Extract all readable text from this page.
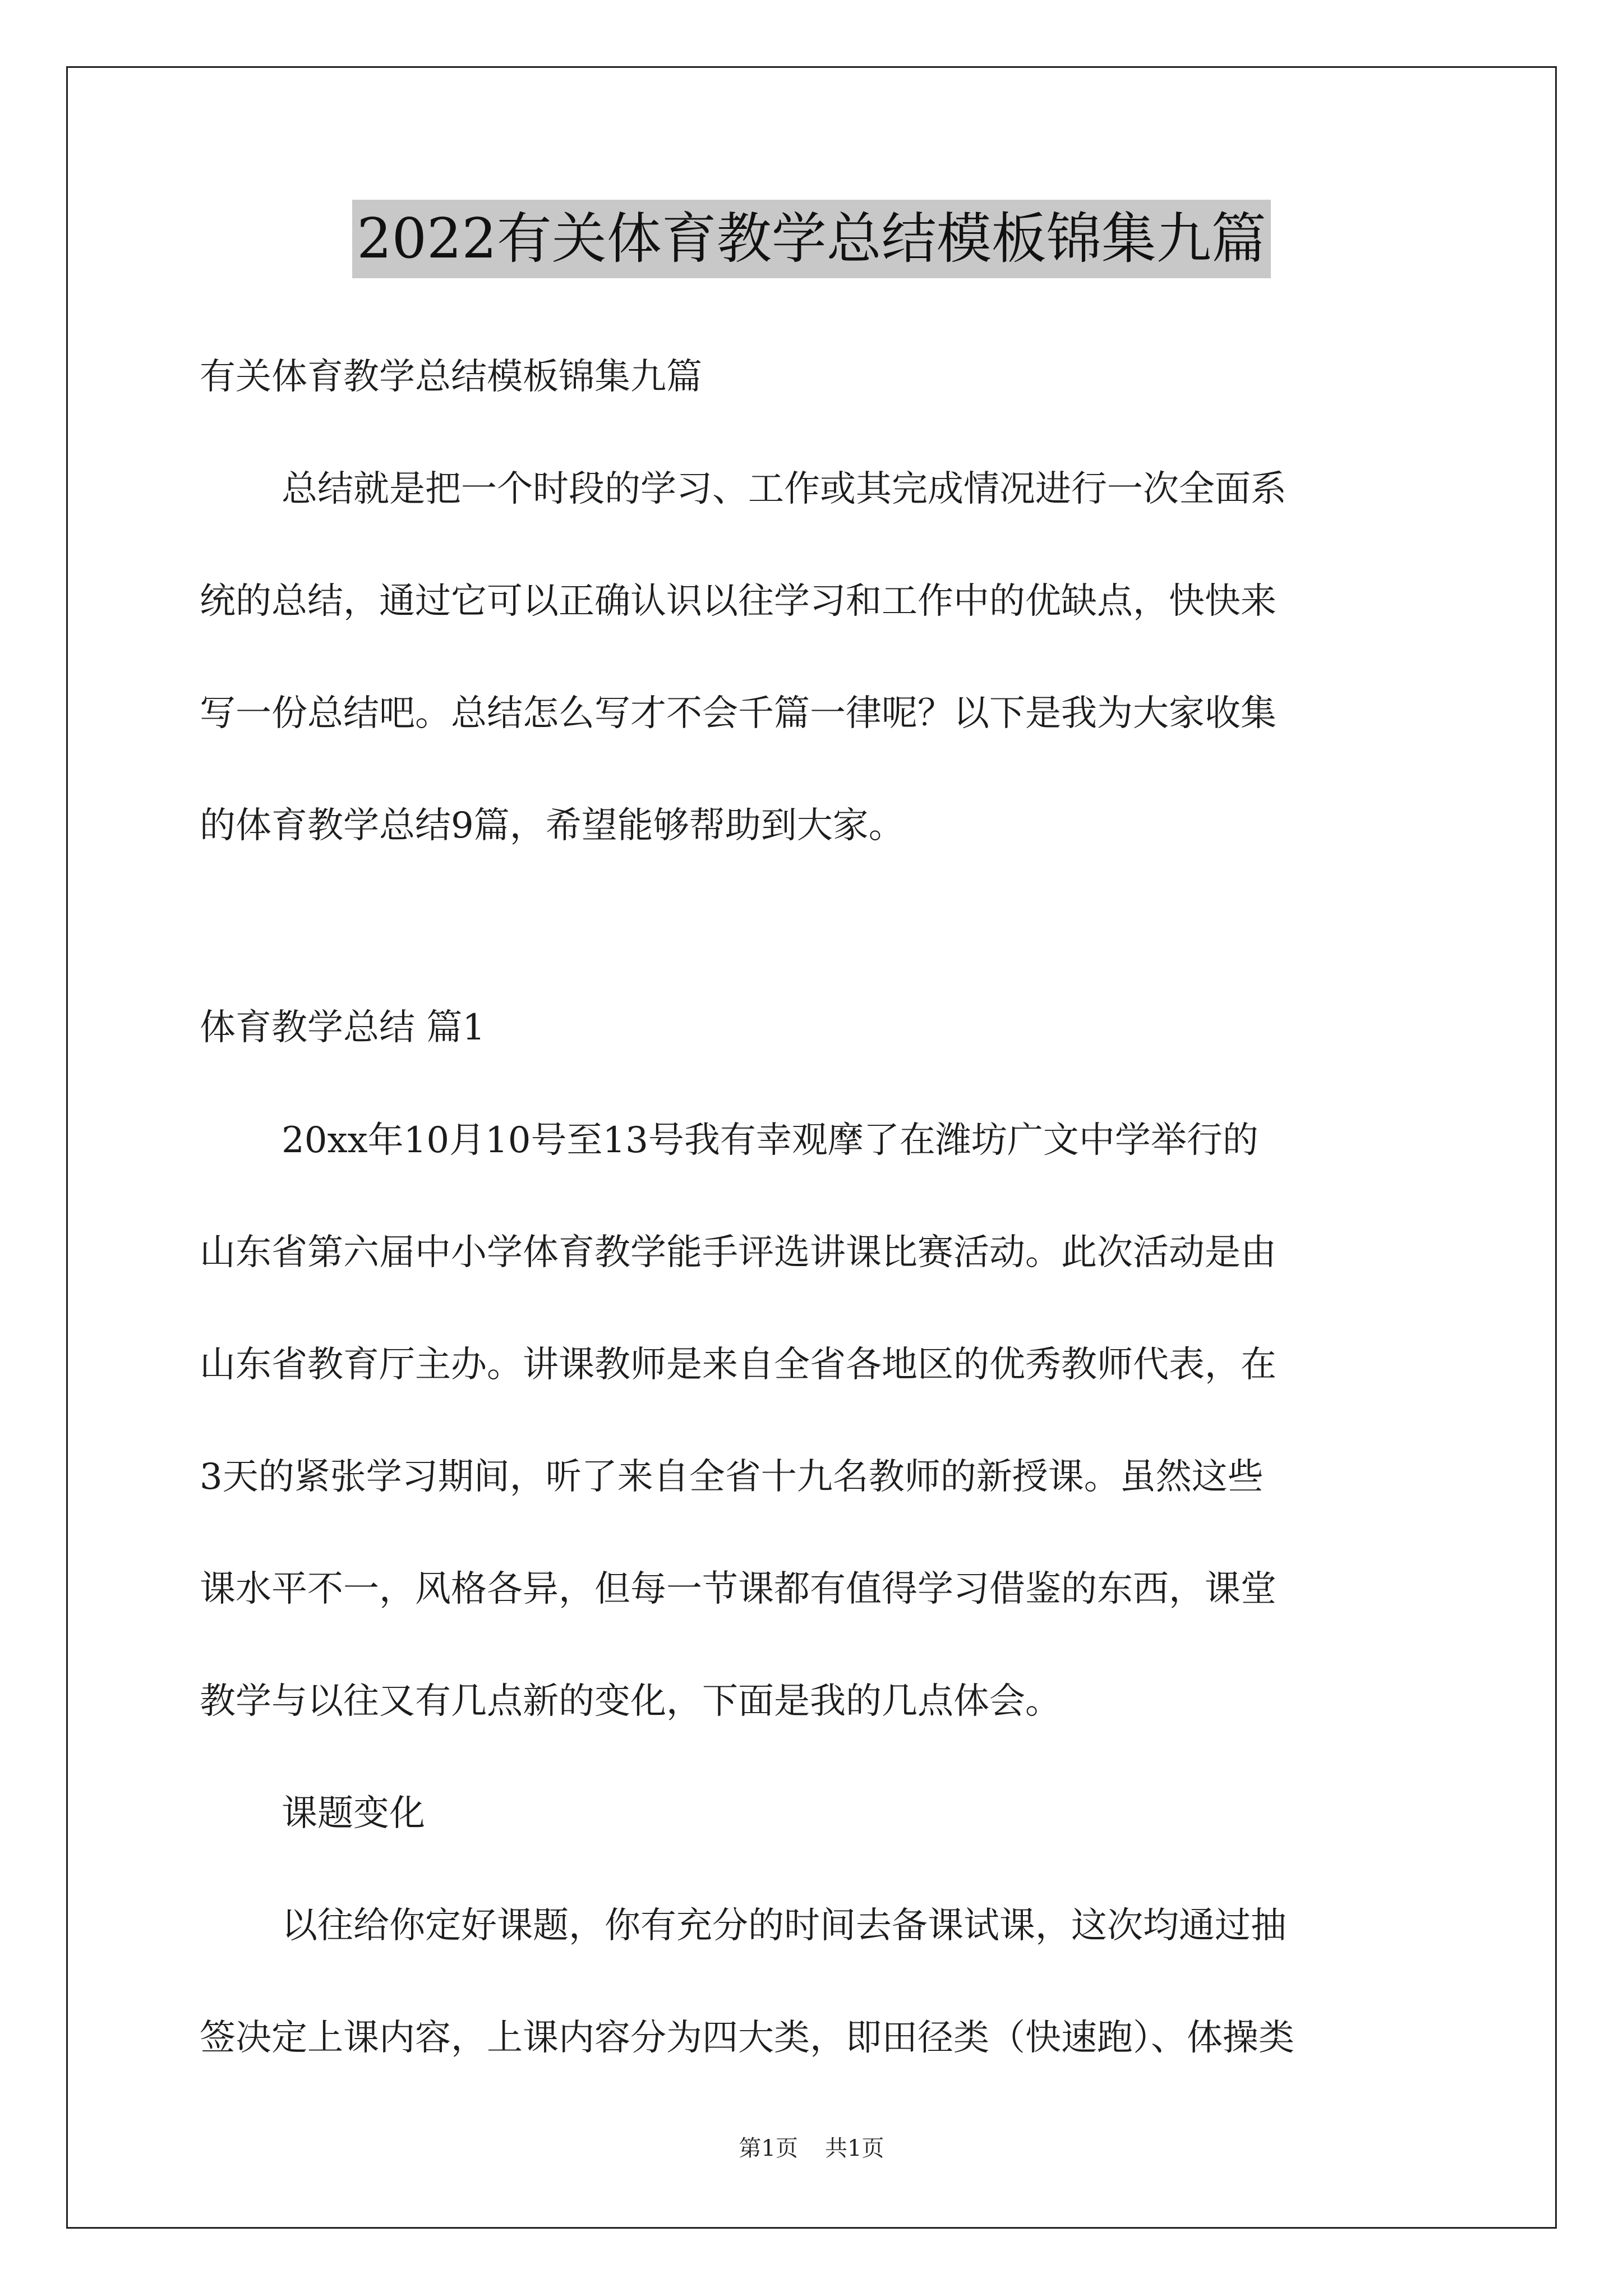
2022有关体育教学总结模板锦集九篇
有关体育教学总结模板锦集九篇
总结就是把一个时段的学习、工作或其完成情况进行一次全面系
统的总结，通过它可以正确认识以往学习和工作中的优缺点，快快来
写一份总结吧。总结怎么写才不会千篇一律呢？以下是我为大家收集
的体育教学总结9篇，希望能够帮助到大家。
体育教学总结 篇1
20xx年10月10号至13号我有幸观摩了在潍坊广文中学举行的
山东省第六届中小学体育教学能手评选讲课比赛活动。此次活动是由
山东省教育厅主办。讲课教师是来自全省各地区的优秀教师代表，在
3天的紧张学习期间，听了来自全省十九名教师的新授课。虽然这些
课水平不一，风格各异，但每一节课都有值得学习借鉴的东西，课堂
教学与以往又有几点新的变化，下面是我的几点体会。
课题变化
以往给你定好课题，你有充分的时间去备课试课，这次均通过抽
签决定上课内容，上课内容分为四大类，即田径类（快速跑）、体操类
第1页 共1页
